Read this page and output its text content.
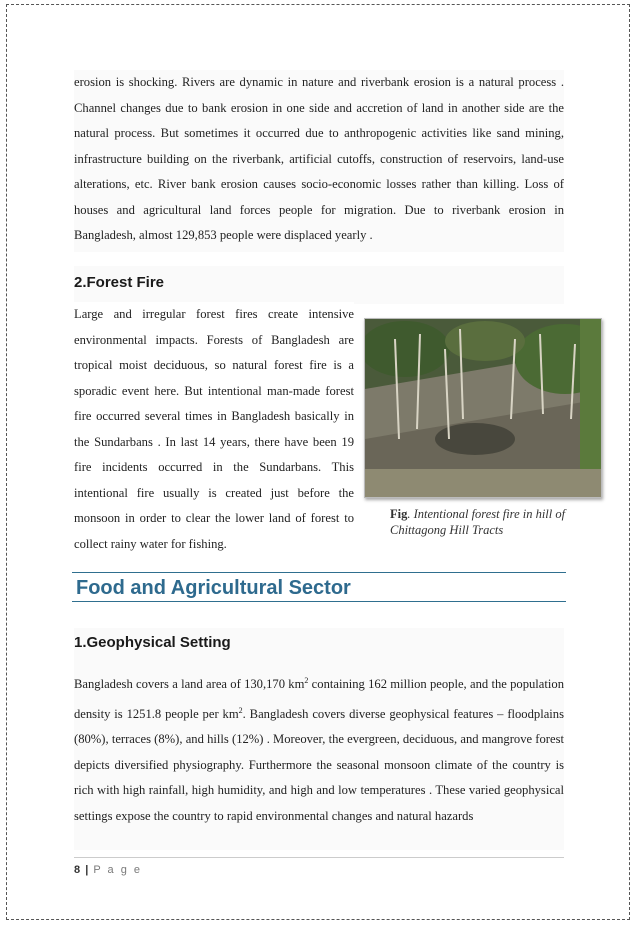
erosion is shocking. Rivers are dynamic in nature and riverbank erosion is a natural process . Channel changes due to bank erosion in one side and accretion of land in another side are the natural process. But sometimes it occurred due to anthropogenic activities like sand mining, infrastructure building on the riverbank, artificial cutoffs, construction of reservoirs, land-use alterations, etc. River bank erosion causes socio-economic losses rather than killing. Loss of houses and agricultural land forces people for migration. Due to riverbank erosion in Bangladesh, almost 129,853 people were displaced yearly .

2.Forest Fire

Large and irregular forest fires create intensive environmental impacts. Forests of Bangladesh are tropical moist deciduous, so natural forest fire is a sporadic event here. But intentional man-made forest fire occurred several times in Bangladesh basically in the Sundarbans . In last 14 years, there have been 19 fire incidents occurred in the Sundarbans. This intentional fire usually is created just before the monsoon in order to clear the lower land of forest to collect rainy water for fishing.

Fig. Intentional forest fire in hill of Chittagong Hill Tracts
Food and Agricultural Sector
1.Geophysical Setting

Bangladesh covers a land area of 130,170 $km^2$ containing 162 million people, and the population density is 1251.8 people per $km^2$. Bangladesh covers diverse geophysical features – floodplains (80%), terraces (8%), and hills (12%) . Moreover, the evergreen, deciduous, and mangrove forest depicts diversified physiography. Furthermore the seasonal monsoon climate of the country is rich with high rainfall, high humidity, and high and low temperatures . These varied geophysical settings expose the country to rapid environmental changes and natural hazards

8 | P a g e
